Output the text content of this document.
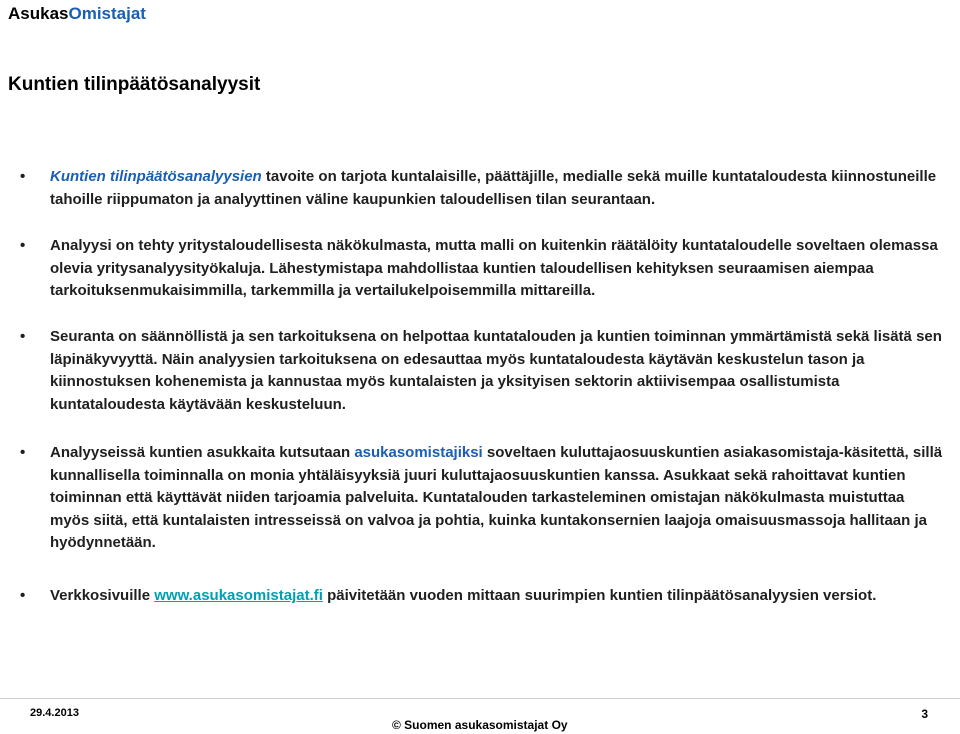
AsukasOmistajat
Kuntien tilinpäätösanalyysit
• Kuntien tilinpäätösanalyysien tavoite on tarjota kuntalaisille, päättäjille, medialle sekä muille kuntataloudesta kiinnostuneille tahoille riippumaton ja analyyttinen väline kaupunkien taloudellisen tilan seurantaan.
• Analyysi on tehty yritystaloudellisesta näkökulmasta, mutta malli on kuitenkin räätälöity kuntataloudelle soveltaen olemassa olevia yritysanalyysityökaluja. Lähestymistapa mahdollistaa kuntien taloudellisen kehityksen seuraamisen aiempaa tarkoituksenmukaisimmilla, tarkemmilla ja vertailukelpoisemmilla mittareilla.
• Seuranta on säännöllistä ja sen tarkoituksena on helpottaa kuntatalouden ja kuntien toiminnan ymmärtämistä sekä lisätä sen läpinäkyvyyttä. Näin analyysien tarkoituksena on edesauttaa myös kuntataloudesta käytävän keskustelun tason ja kiinnostuksen kohenemista ja kannustaa myös kuntalaisten ja yksityisen sektorin aktiivisempaa osallistumista kuntataloudesta käytävään keskusteluun.
• Analyyseissä kuntien asukkaita kutsutaan asukasomistajiksi soveltaen kuluttajaosuuskuntien asiakasomistaja-käsitettä, sillä kunnallisella toiminnalla on monia yhtäläisyyksiä juuri kuluttajaosuuskuntien kanssa. Asukkaat sekä rahoittavat kuntien toiminnan että käyttävät niiden tarjoamia palveluita. Kuntatalouden tarkasteleminen omistajan näkökulmasta muistuttaa myös siitä, että kuntalaisten intresseissä on valvoa ja pohtia, kuinka kuntakonsernien laajoja omaisuusmassoja hallitaan ja hyödynnetään.
• Verkkosivuille www.asukasomistajat.fi päivitetään vuoden mittaan suurimpien kuntien tilinpäätösanalyysien versiot.
29.4.2013
© Suomen asukasomistajat Oy
3
